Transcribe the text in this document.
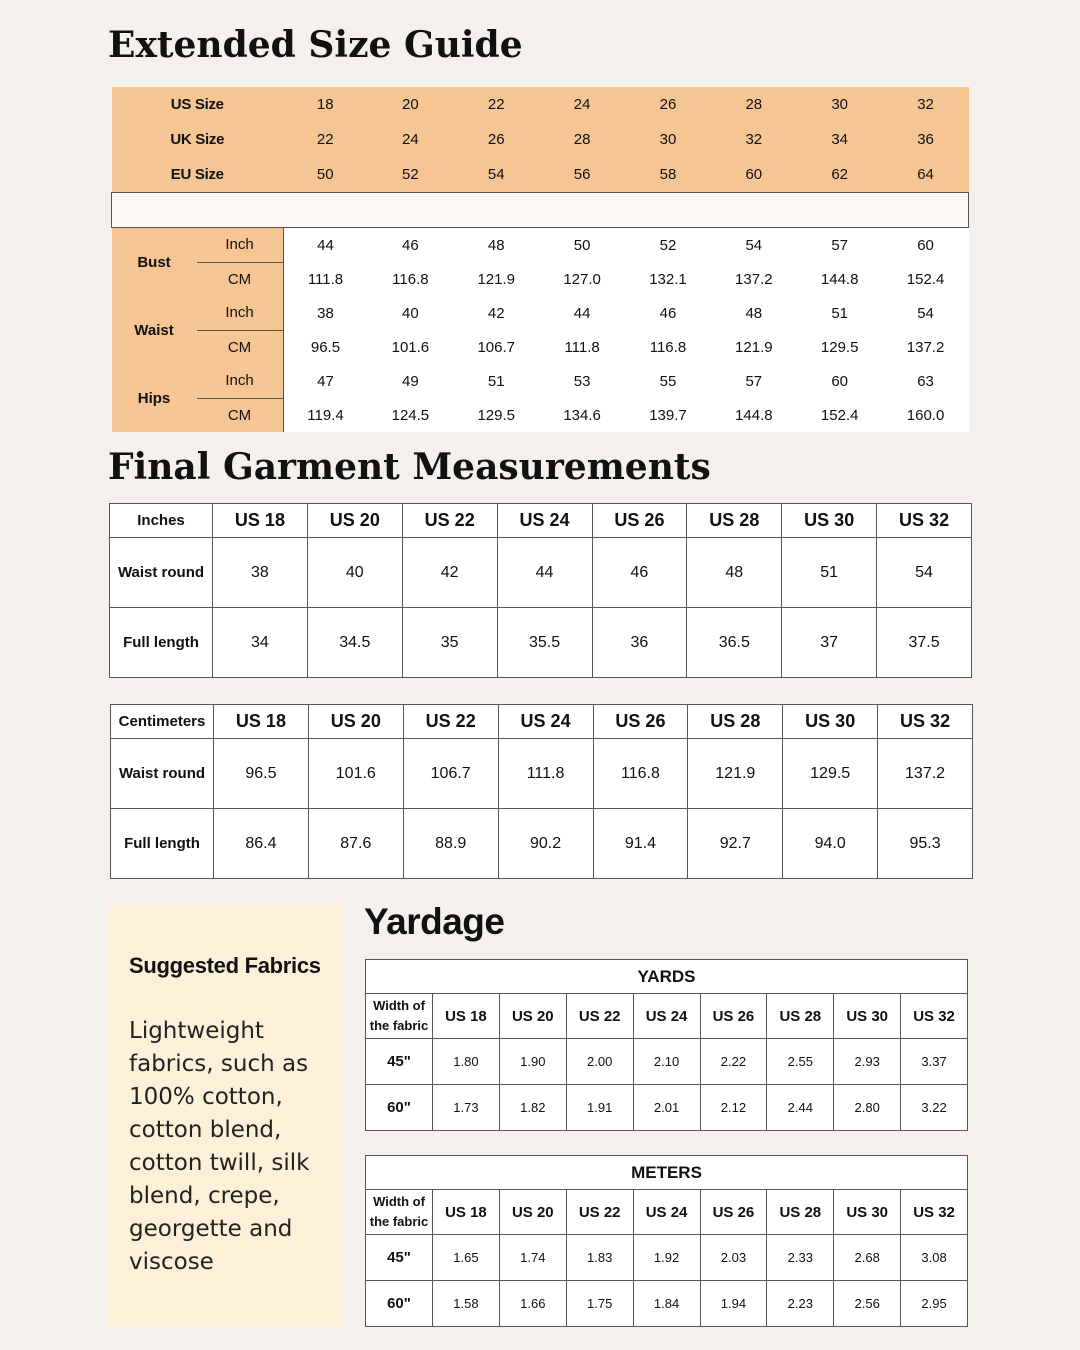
Extended Size Guide
Final Garment Measurements
Yardage
US Size		18	20	22	24	26	28	30	32
UK Size		22	24	26	28	30	32	34	36
EU Size		50	52	54	56	58	60	62	64

Bust	Inch	44	46	48	50	52	54	57	60
	CM	111.8	116.8	121.9	127.0	132.1	137.2	144.8	152.4
Waist	Inch	38	40	42	44	46	48	51	54
	CM	96.5	101.6	106.7	111.8	116.8	121.9	129.5	137.2
Hips	Inch	47	49	51	53	55	57	60	63
	CM	119.4	124.5	129.5	134.6	139.7	144.8	152.4	160.0
Inches	US 18	US 20	US 22	US 24	US 26	US 28	US 30	US 32
Waist round	38	40	42	44	46	48	51	54
Full length	34	34.5	35	35.5	36	36.5	37	37.5
Centimeters	US 18	US 20	US 22	US 24	US 26	US 28	US 30	US 32
Waist round	96.5	101.6	106.7	111.8	116.8	121.9	129.5	137.2
Full length	86.4	87.6	88.9	90.2	91.4	92.7	94.0	95.3
Suggested Fabrics
Lightweight fabrics, such as 100% cotton, cotton blend, cotton twill, silk blend, crepe, georgette and viscose
YARDS								

Width of
the fabric	US 18	US 20	US 22	US 24	US 26	US 28	US 30	US 32
45"	1.80	1.90	2.00	2.10	2.22	2.55	2.93	3.37
60"	1.73	1.82	1.91	2.01	2.12	2.44	2.80	3.22
METERS								

Width of
the fabric	US 18	US 20	US 22	US 24	US 26	US 28	US 30	US 32
45"	1.65	1.74	1.83	1.92	2.03	2.33	2.68	3.08
60"	1.58	1.66	1.75	1.84	1.94	2.23	2.56	2.95
